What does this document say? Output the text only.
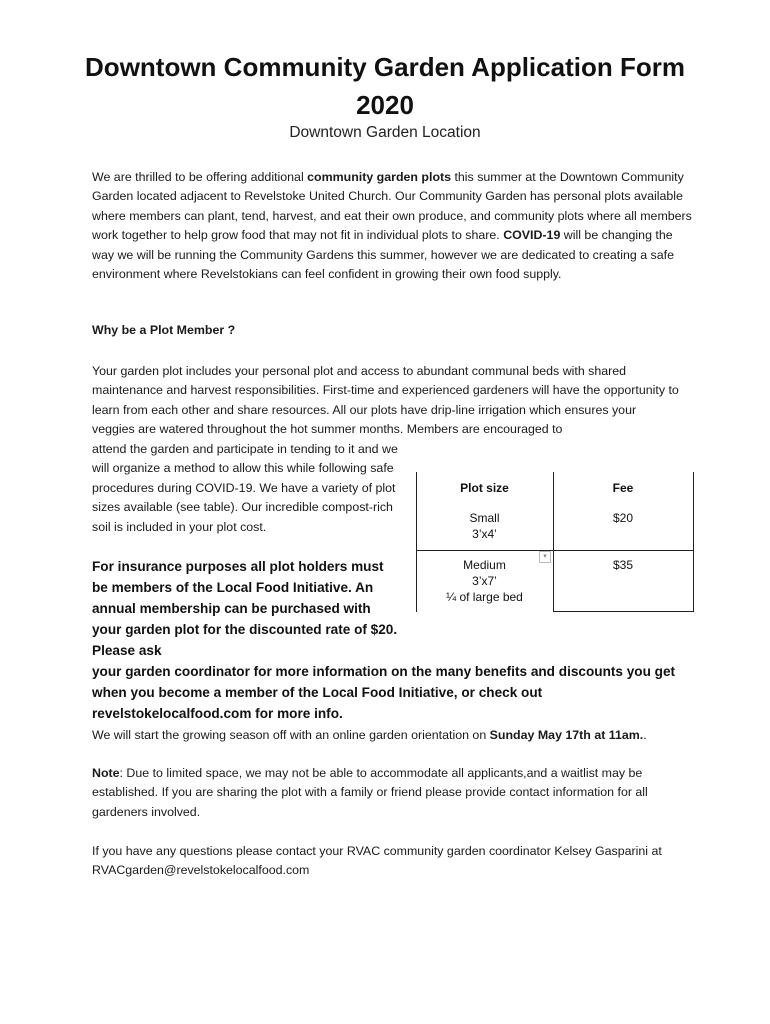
Downtown Community Garden Application Form 2020

Downtown Garden Location

We are thrilled to be offering additional community garden plots this summer at the Downtown Community Garden located adjacent to Revelstoke United Church. Our Community Garden has personal plots available where members can plant, tend, harvest, and eat their own produce, and community plots where all members work together to help grow food that may not fit in individual plots to share. COVID-19 will be changing the way we will be running the Community Gardens this summer, however we are dedicated to creating a safe environment where Revelstokians can feel confident in growing their own food supply.

Why be a Plot Member ?

Your garden plot includes your personal plot and access to abundant communal beds with shared maintenance and harvest responsibilities. First-time and experienced gardeners will have the opportunity to learn from each other and share resources. All our plots have drip-line irrigation which ensures your veggies are watered throughout the hot summer months. Members are encouraged to

attend the garden and participate in tending to it and we will organize a method to allow this while following safe procedures during COVID-19. We have a variety of plot sizes available (see table). Our incredible compost-rich soil is included in your plot cost.

Plot size	Fee
Small
3’x4’
$20
Medium
3’x7’
¼ of large bed
$35
▾

For insurance purposes all plot holders must be members of the Local Food Initiative. An annual membership can be purchased with your garden plot for the discounted rate of $20. Please ask
your garden coordinator for more information on the many benefits and discounts you get when you become a member of the Local Food Initiative, or check out revelstokelocalfood.com for more info.

We will start the growing season off with an online garden orientation on Sunday May 17th at 11am..

Note: Due to limited space, we may not be able to accommodate all applicants,and a waitlist may be established. If you are sharing the plot with a family or friend please provide contact information for all gardeners involved.

If you have any questions please contact your RVAC community garden coordinator Kelsey Gasparini at RVACgarden@revelstokelocalfood.com
